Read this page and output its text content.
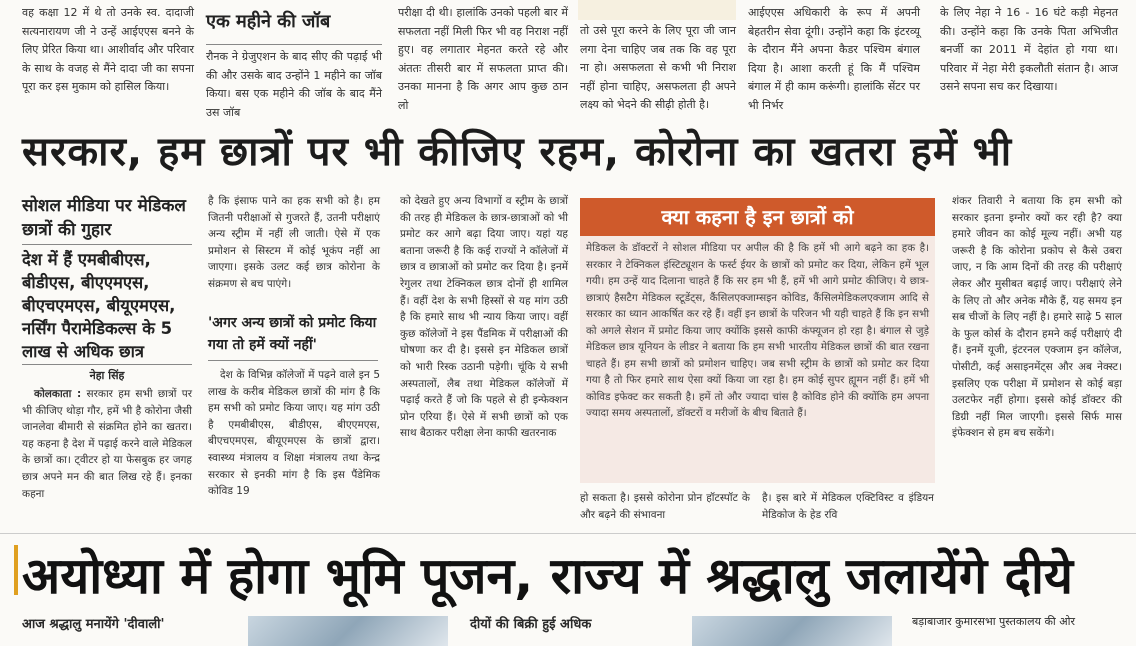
वह कक्षा 12 में थे तो उनके स्व. दादाजी सत्यनारायण जी ने उन्हें आईएएस बनने के लिए प्रेरित किया था। आशीर्वाद और परिवार के साथ के वजह से मैंने दादा जी का सपना पूरा कर इस मुकाम को हासिल किया।
एक महीने की जॉब
रौनक ने ग्रेजुएशन के बाद सीए की पढ़ाई भी की और उसके बाद उन्होंने 1 महीने का जॉब किया। बस एक महीने की जॉब के बाद मैंने उस जॉब
परीक्षा दी थी। हालांकि उनको पहली बार में सफलता नहीं मिली फिर भी वह निराश नहीं हुए। वह लगातार मेहनत करते रहे और अंततः तीसरी बार में सफलता प्राप्त की। उनका मानना है कि अगर आप कुछ ठान लो
तो उसे पूरा करने के लिए पूरा जी जान लगा देना चाहिए जब तक कि वह पूरा ना हो। असफलता से कभी भी निराश नहीं होना चाहिए, असफलता ही अपने लक्ष्य को भेदने की सीढ़ी होती है।
आईएएस अधिकारी के रूप में अपनी बेहतरीन सेवा दूंगी। उन्होंने कहा कि इंटरव्यू के दौरान मैंने अपना कैडर पश्चिम बंगाल दिया है। आशा करती हूं कि मैं पश्चिम बंगाल में ही काम करूंगी। हालांकि सेंटर पर भी निर्भर
के लिए नेहा ने 16 - 16 घंटे कड़ी मेहनत की। उन्होंने कहा कि उनके पिता अभिजीत बनर्जी का 2011 में देहांत हो गया था। परिवार में नेहा मेरी इकलौती संतान है। आज उसने सपना सच कर दिखाया।
सरकार, हम छात्रों पर भी कीजिए रहम, कोरोना का खतरा हमें भी
सोशल मीडिया पर मेडिकल छात्रों की गुहार
देश में हैं एमबीबीएस, बीडीएस, बीएएमएस, बीएचएमएस, बीयूएमएस, नर्सिंग पैरामेडिकल्स के 5 लाख से अधिक छात्र
नेहा सिंह
कोलकाता : सरकार हम सभी छात्रों पर भी कीजिए थोड़ा गौर, हमें भी है कोरोना जैसी जानलेवा बीमारी से संक्रमित होने का खतरा। यह कहना है देश में पढ़ाई करने वाले मेडिकल के छात्रों का। ट्वीटर हो या फेसबुक हर जगह छात्र अपने मन की बात लिख रहे हैं। इनका कहना
है कि इंसाफ पाने का हक सभी को है। हम जितनी परीक्षाओं से गुजरते हैं, उतनी परीक्षाएं अन्य स्ट्रीम में नहीं ली जाती। ऐसे में एक प्रमोशन से सिस्टम में कोई भूकंप नहीं आ जाएगा। इसके उलट कई छात्र कोरोना के संक्रमण से बच पाएंगे।
'अगर अन्य छात्रों को प्रमोट किया गया तो हमें क्यों नहीं'
देश के विभिन्न कॉलेजों में पढ़ने वाले इन 5 लाख के करीब मेडिकल छात्रों की मांग है कि हम सभी को प्रमोट किया जाए। यह मांग उठी है एमबीबीएस, बीडीएस, बीएएमएस, बीएचएमएस, बीयूएमएस के छात्रों द्वारा। स्वास्थ्य मंत्रालय व शिक्षा मंत्रालय तथा केन्द्र सरकार से इनकी मांग है कि इस पैंडेमिक कोविड 19
को देखते हुए अन्य विभागों व स्ट्रीम के छात्रों की तरह ही मेडिकल के छात्र-छात्राओं को भी प्रमोट कर आगे बढ़ा दिया जाए। यहां यह बताना जरूरी है कि कई राज्यों ने कॉलेजों में छात्र व छात्राओं को प्रमोट कर दिया है। इनमें रेगुलर तथा टेक्निकल छात्र दोनों ही शामिल हैं। वहीं देश के सभी हिस्सों से यह मांग उठी है कि हमारे साथ भी न्याय किया जाए। वहीं कुछ कॉलेजों ने इस पैंडमिक में परीक्षाओं की घोषणा कर दी है। इससे इन मेडिकल छात्रों को भारी रिस्क उठानी पड़ेगी। चूंकि ये सभी अस्पतालों, लैब तथा मेडिकल कॉलेजों में पढ़ाई करते हैं जो कि पहले से ही इन्फेक्शन प्रोन एरिया हैं। ऐसे में सभी छात्रों को एक साथ बैठाकर परीक्षा लेना काफी खतरनाक
क्या कहना है इन छात्रों को
मेडिकल के डॉक्टरों ने सोशल मीडिया पर अपील की है कि हमें भी आगे बढ़ने का हक है। सरकार ने टेक्निकल इंस्टिट्यूशन के फर्स्ट ईयर के छात्रों को प्रमोट कर दिया, लेकिन हमें भूल गयी। हम उन्हें याद दिलाना चाहते हैं कि सर हम भी हैं, हमें भी आगे प्रमोट कीजिए। ये छात्र-छात्राएं हैसटैग मेडिकल स्टूडेंट्स, कैंसिलएक्जाम्सइन कोविड, कैंसिलमेडिकलएक्जाम आदि से सरकार का ध्यान आकर्षित कर रहे हैं। वहीं इन छात्रों के परिजन भी यही चाहते हैं कि इन सभी को अगले सेशन में प्रमोट किया जाए क्योंकि इससे काफी कंफ्यूजन हो रहा है। बंगाल से जुड़े मेडिकल छात्र यूनियन के लीडर ने बताया कि हम सभी भारतीय मेडिकल छात्रों की बात रखना चाहते हैं। हम सभी छात्रों को प्रमोशन चाहिए। जब सभी स्ट्रीम के छात्रों को प्रमोट कर दिया गया है तो फिर हमारे साथ ऐसा क्यों किया जा रहा है। हम कोई सुपर ह्यूमन नहीं हैं। हमें भी कोविड इफेक्ट कर सकती है। हमें तो और ज्यादा चांस है कोविड होने की क्योंकि हम अपना ज्यादा समय अस्पतालों, डॉक्टरों व मरीजों के बीच बिताते हैं।
हो सकता है। इससे कोरोना प्रोन हॉटस्पॉट के और बढ़ने की संभावना
है। इस बारे में मेडिकल एक्टिविस्ट व इंडियन मेडिकोज के हेड रवि
शंकर तिवारी ने बताया कि हम सभी को सरकार इतना इग्नोर क्यों कर रही है? क्या हमारे जीवन का कोई मूल्य नहीं। अभी यह जरूरी है कि कोरोना प्रकोप से कैसे उबरा जाए, न कि आम दिनों की तरह की परीक्षाएं लेकर और मुसीबत बढ़ाई जाए। परीक्षाएं लेने के लिए तो और अनेक मौके हैं, यह समय इन सब चीजों के लिए नहीं है। हमारे साढ़े 5 साल के फुल कोर्स के दौरान हमने कई परीक्षाएं दी हैं। इनमें यूजी, इंटरनल एक्जाम इन कॉलेज, पोसीटी, कई असाइनमेंट्स और अब नेक्स्ट। इसलिए एक परीक्षा में प्रमोशन से कोई बड़ा उलटफेर नहीं होगा। इससे कोई डॉक्टर की डिग्री नहीं मिल जाएगी। इससे सिर्फ मास इंफेक्शन से हम बच सकेंगे।
अयोध्या में होगा भूमि पूजन, राज्य में श्रद्धालु जलायेंगे दीये
आज श्रद्धालु मनायेंगे 'दीवाली'	दीयों की बिक्री हुई अधिक	बड़ाबाजार कुमारसभा पुस्तकालय की ओर
